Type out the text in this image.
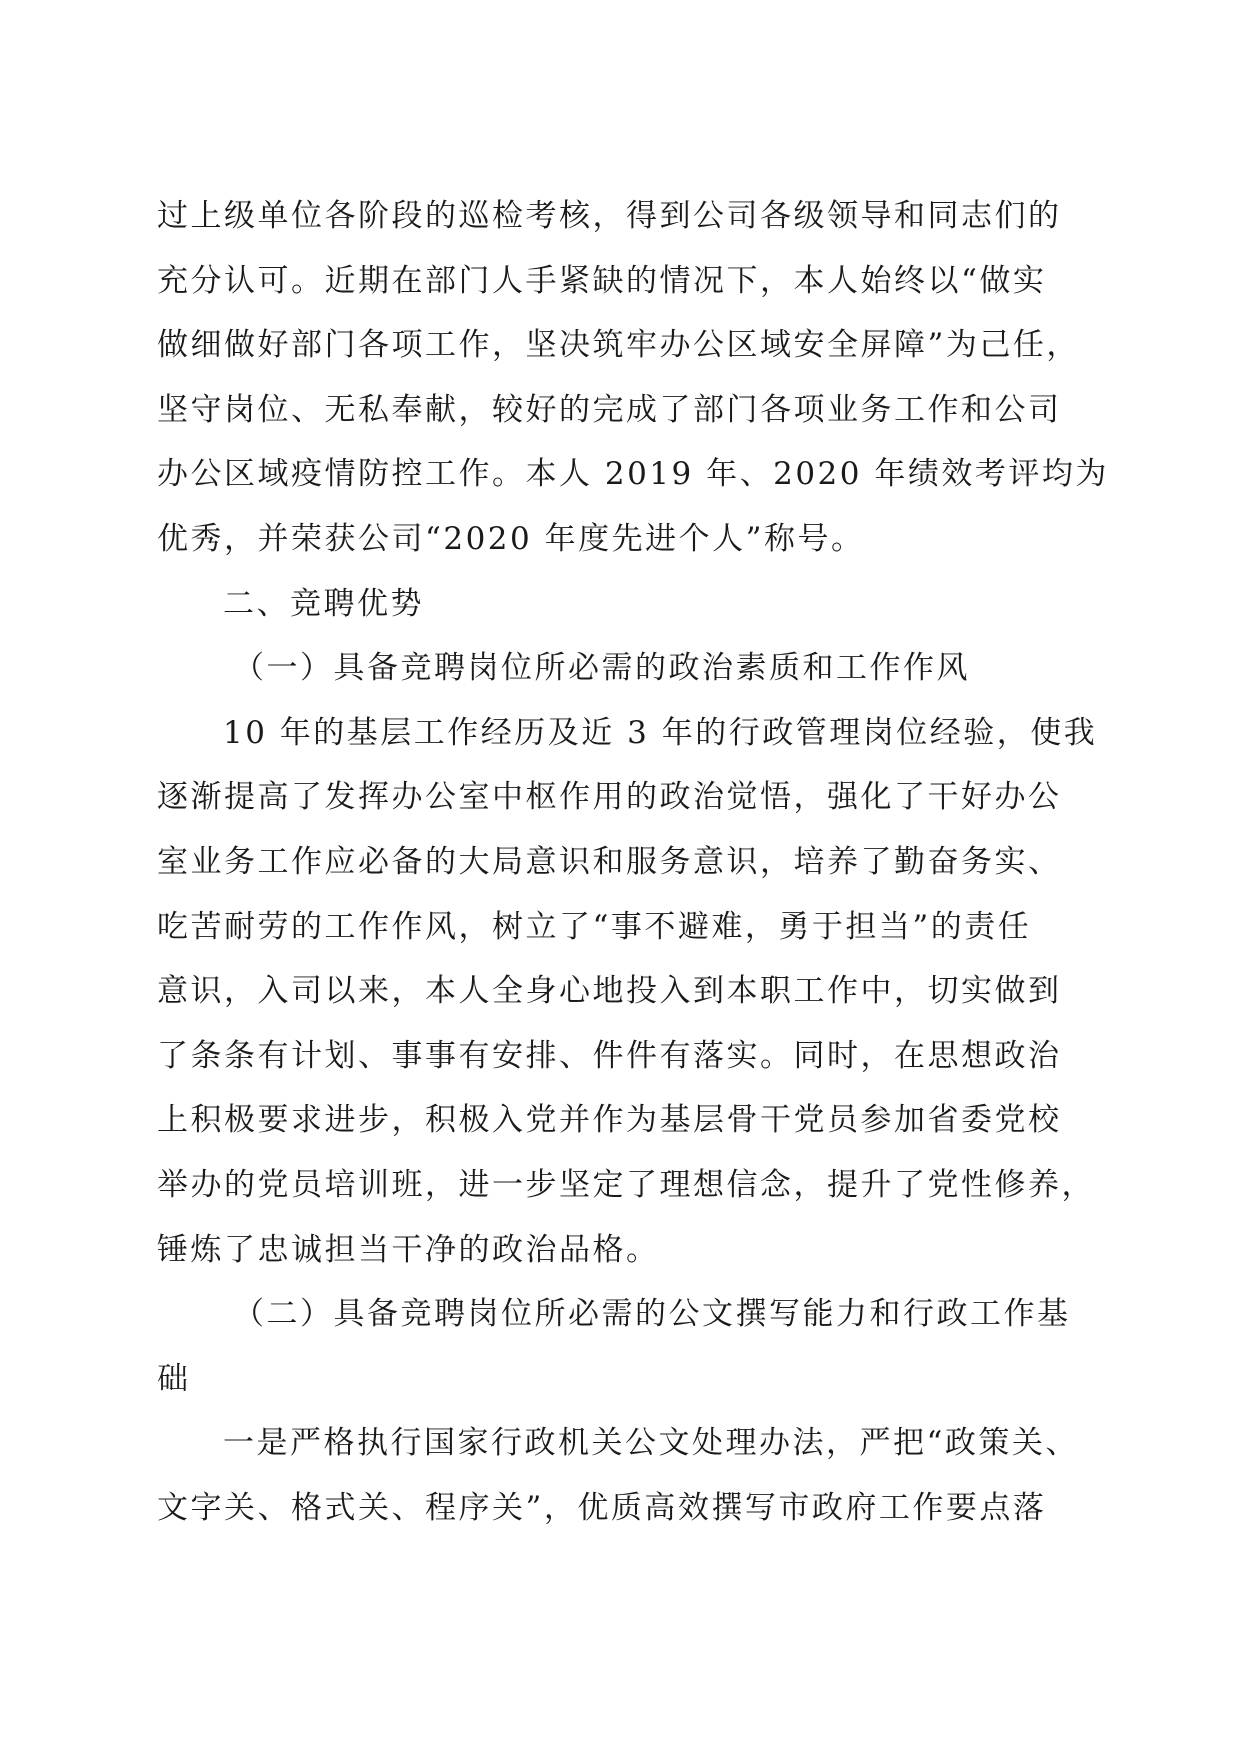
过上级单位各阶段的巡检考核，得到公司各级领导和同志们的
充分认可。近期在部门人手紧缺的情况下，本人始终以“做实
做细做好部门各项工作，坚决筑牢办公区域安全屏障”为己任，
坚守岗位、无私奉献，较好的完成了部门各项业务工作和公司
办公区域疫情防控工作。本人 2019 年、2020 年绩效考评均为
优秀，并荣获公司“2020 年度先进个人”称号。
二、竞聘优势
（一）具备竞聘岗位所必需的政治素质和工作作风
10 年的基层工作经历及近 3 年的行政管理岗位经验，使我
逐渐提高了发挥办公室中枢作用的政治觉悟，强化了干好办公
室业务工作应必备的大局意识和服务意识，培养了勤奋务实、
吃苦耐劳的工作作风，树立了“事不避难，勇于担当”的责任
意识，入司以来，本人全身心地投入到本职工作中，切实做到
了条条有计划、事事有安排、件件有落实。同时，在思想政治
上积极要求进步，积极入党并作为基层骨干党员参加省委党校
举办的党员培训班，进一步坚定了理想信念，提升了党性修养，
锤炼了忠诚担当干净的政治品格。
（二）具备竞聘岗位所必需的公文撰写能力和行政工作基
础
一是严格执行国家行政机关公文处理办法，严把“政策关、
文字关、格式关、程序关”，优质高效撰写市政府工作要点落
